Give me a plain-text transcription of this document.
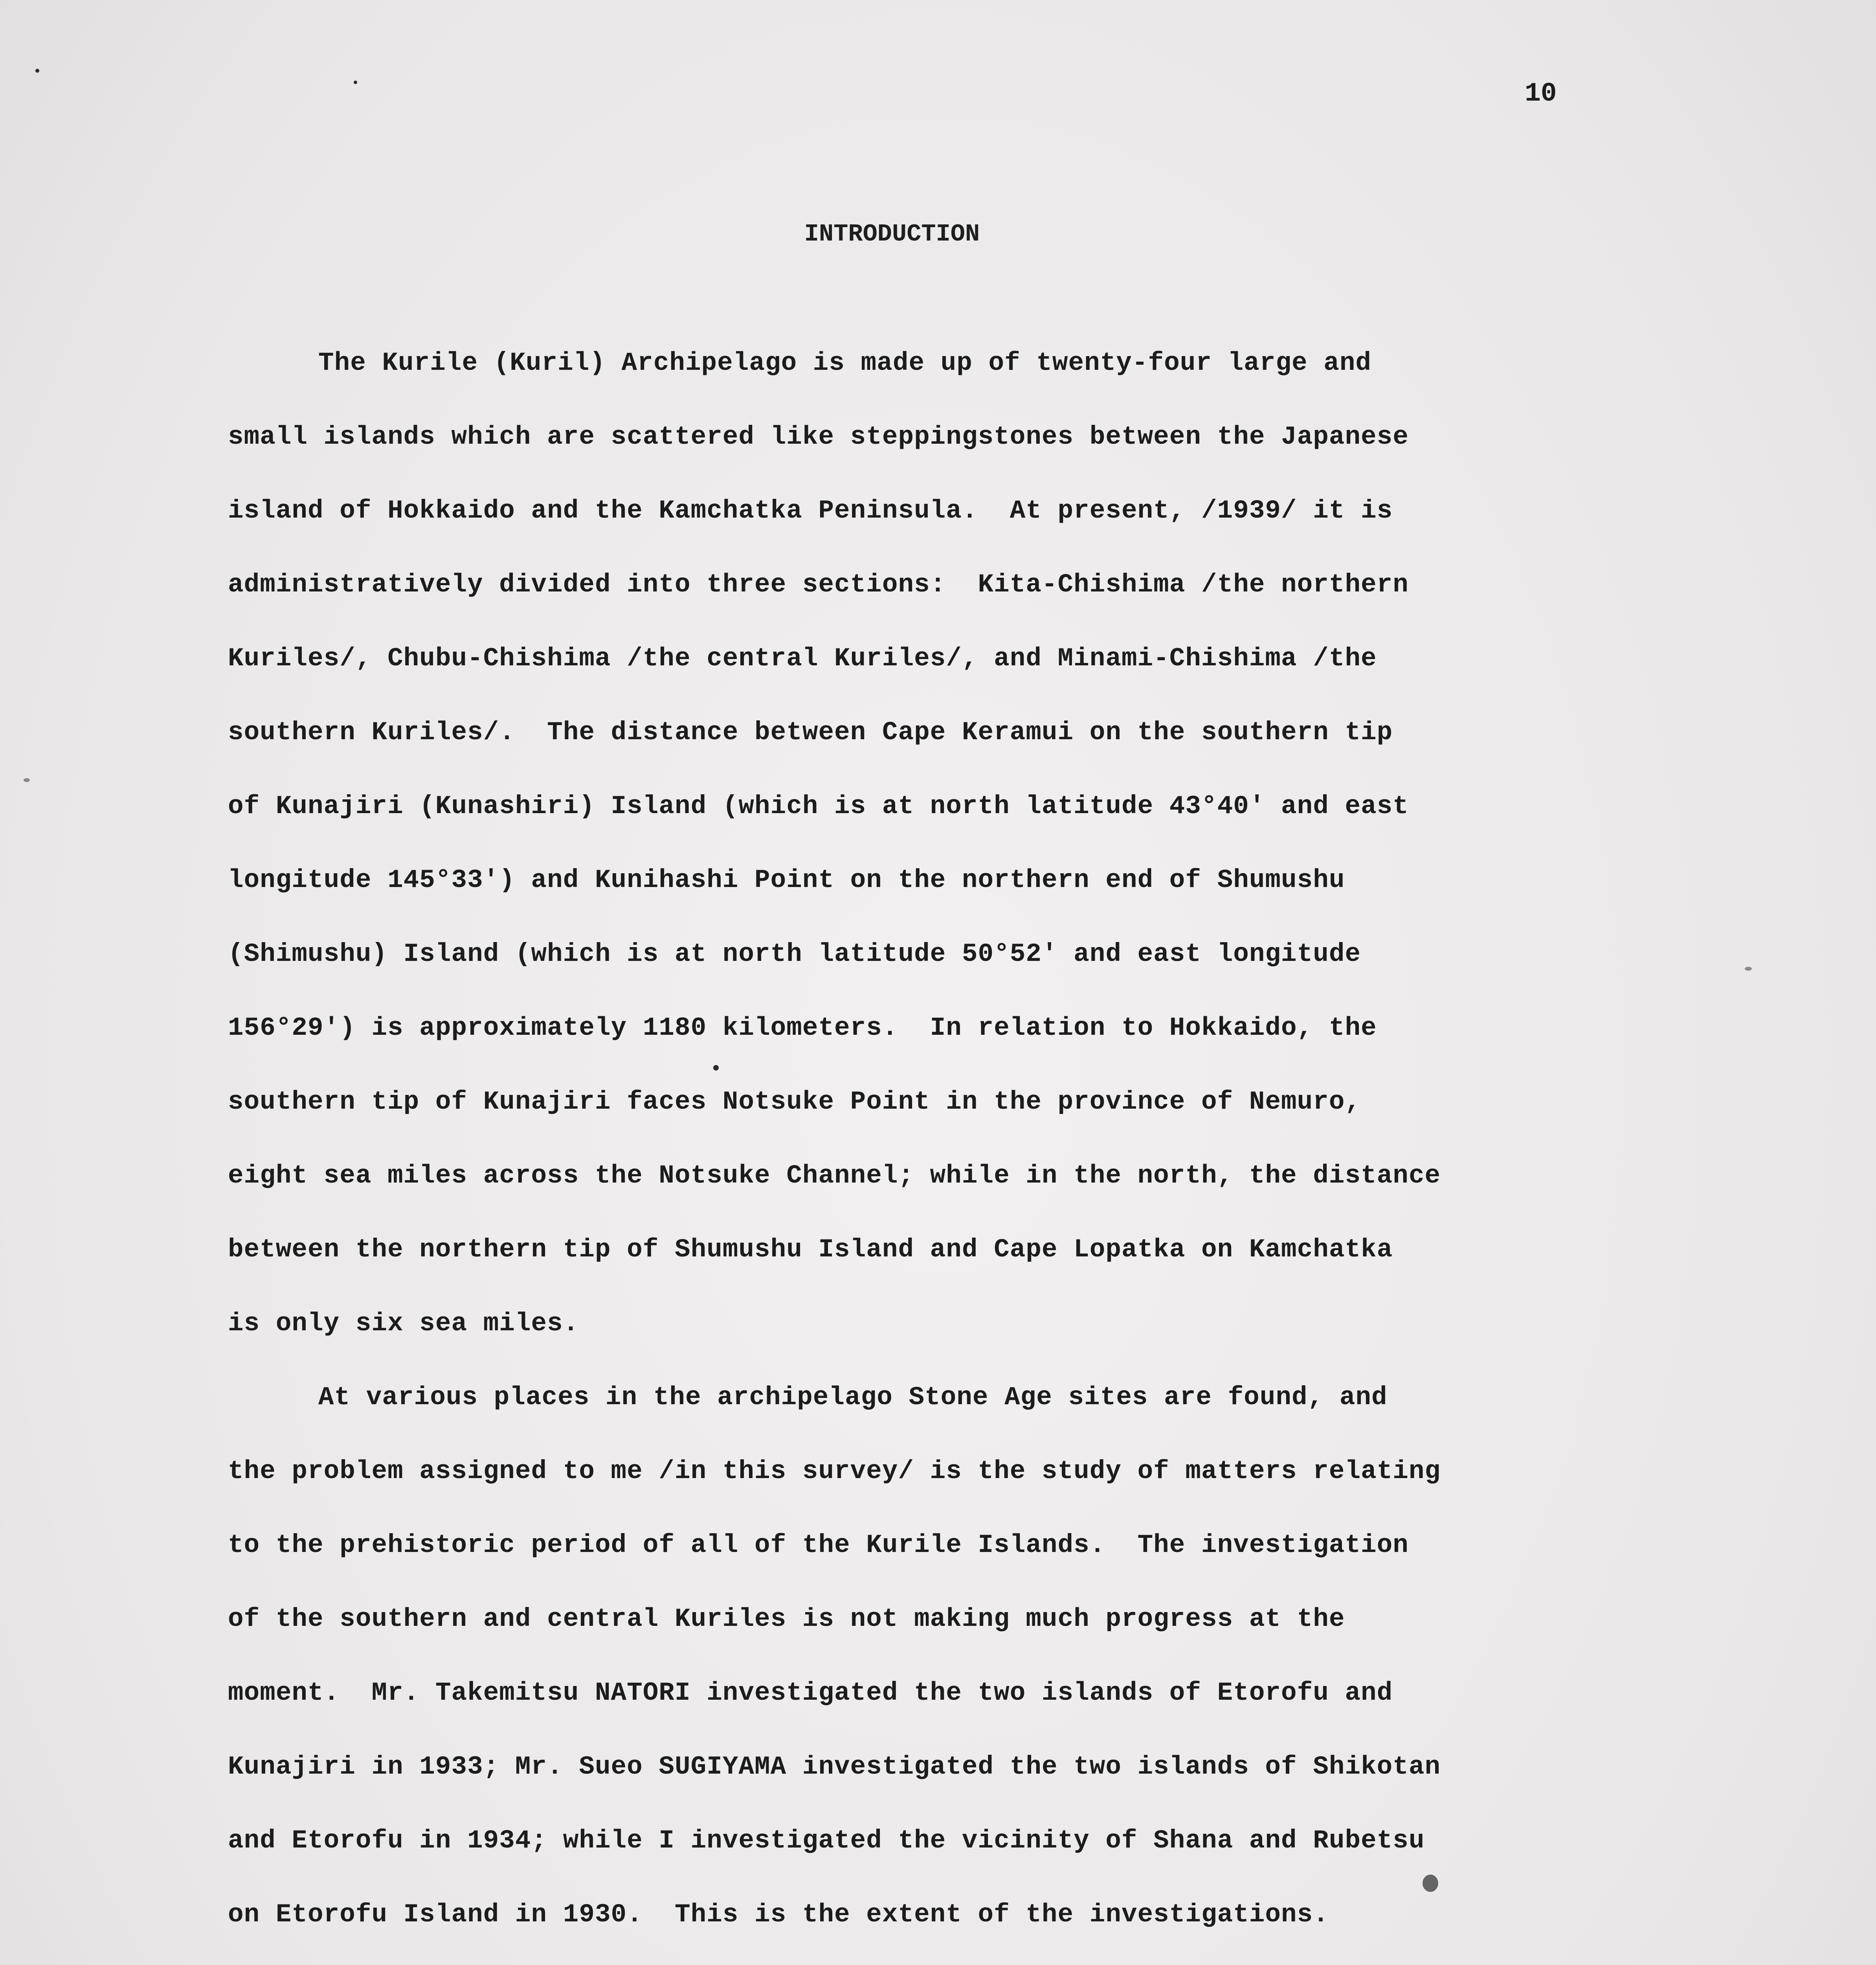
10
INTRODUCTION
The Kurile (Kuril) Archipelago is made up of twenty-four large and
small islands which are scattered like steppingstones between the Japanese
island of Hokkaido and the Kamchatka Peninsula.  At present, /1939/ it is
administratively divided into three sections:  Kita-Chishima /the northern
Kuriles/, Chubu-Chishima /the central Kuriles/, and Minami-Chishima /the
southern Kuriles/.  The distance between Cape Keramui on the southern tip
of Kunajiri (Kunashiri) Island (which is at north latitude 43°40' and east
longitude 145°33') and Kunihashi Point on the northern end of Shumushu
(Shimushu) Island (which is at north latitude 50°52' and east longitude
156°29') is approximately 1180 kilometers.  In relation to Hokkaido, the
southern tip of Kunajiri faces Notsuke Point in the province of Nemuro,
eight sea miles across the Notsuke Channel; while in the north, the distance
between the northern tip of Shumushu Island and Cape Lopatka on Kamchatka
is only six sea miles.
At various places in the archipelago Stone Age sites are found, and
the problem assigned to me /in this survey/ is the study of matters relating
to the prehistoric period of all of the Kurile Islands.  The investigation
of the southern and central Kuriles is not making much progress at the
moment.  Mr. Takemitsu NATORI investigated the two islands of Etorofu and
Kunajiri in 1933; Mr. Sueo SUGIYAMA investigated the two islands of Shikotan
and Etorofu in 1934; while I investigated the vicinity of Shana and Rubetsu
on Etorofu Island in 1930.  This is the extent of the investigations.
